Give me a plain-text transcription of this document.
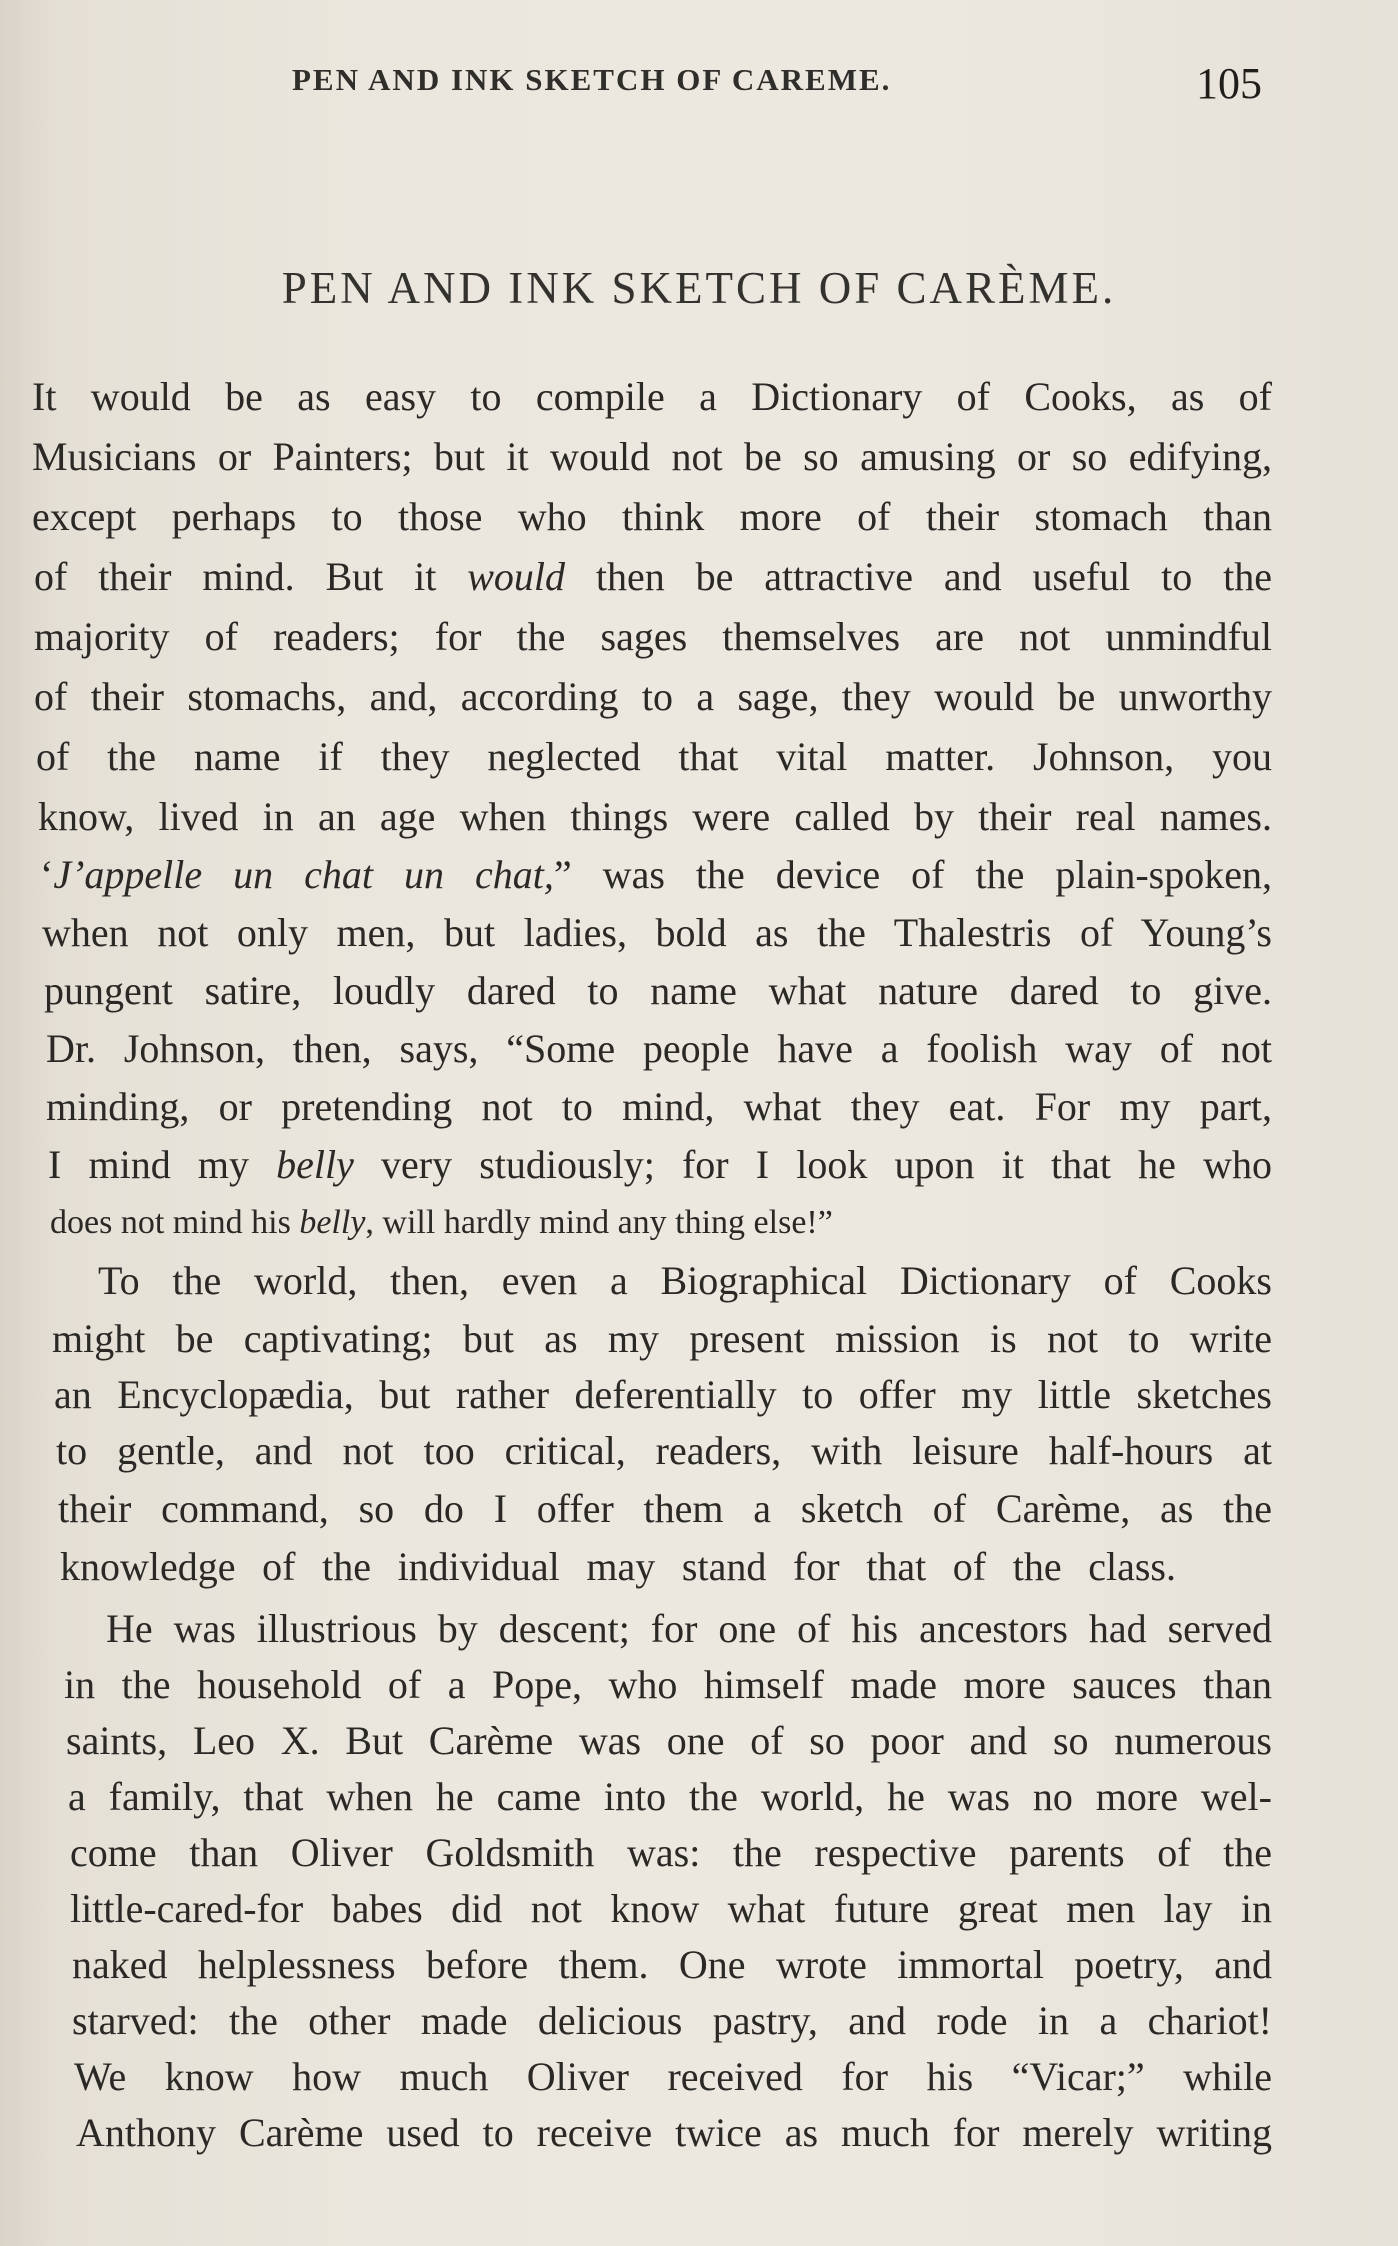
PEN AND INK SKETCH OF CAREME.	105
PEN AND INK SKETCH OF CARÈME.
It would be as easy to compile a Dictionary of Cooks, as of
Musicians or Painters; but it would not be so amusing or so edifying,
except perhaps to those who think more of their stomach than
of their mind. But it would then be attractive and useful to the
majority of readers; for the sages themselves are not unmindful
of their stomachs, and, according to a sage, they would be unworthy
of the name if they neglected that vital matter. Johnson, you
know, lived in an age when things were called by their real names.
‘J’appelle un chat un chat,” was the device of the plain-spoken,
when not only men, but ladies, bold as the Thalestris of Young’s
pungent satire, loudly dared to name what nature dared to give.
Dr. Johnson, then, says, “Some people have a foolish way of not
minding, or pretending not to mind, what they eat. For my part,
I mind my belly very studiously; for I look upon it that he who
does not mind his belly, will hardly mind any thing else!”
To the world, then, even a Biographical Dictionary of Cooks
might be captivating; but as my present mission is not to write
an Encyclopædia, but rather deferentially to offer my little sketches
to gentle, and not too critical, readers, with leisure half-hours at
their command, so do I offer them a sketch of Carème, as the
knowledge of the individual may stand for that of the class.
He was illustrious by descent; for one of his ancestors had served
in the household of a Pope, who himself made more sauces than
saints, Leo X. But Carème was one of so poor and so numerous
a family, that when he came into the world, he was no more wel-
come than Oliver Goldsmith was: the respective parents of the
little-cared-for babes did not know what future great men lay in
naked helplessness before them. One wrote immortal poetry, and
starved: the other made delicious pastry, and rode in a chariot!
We know how much Oliver received for his “Vicar;” while
Anthony Carème used to receive twice as much for merely writing
